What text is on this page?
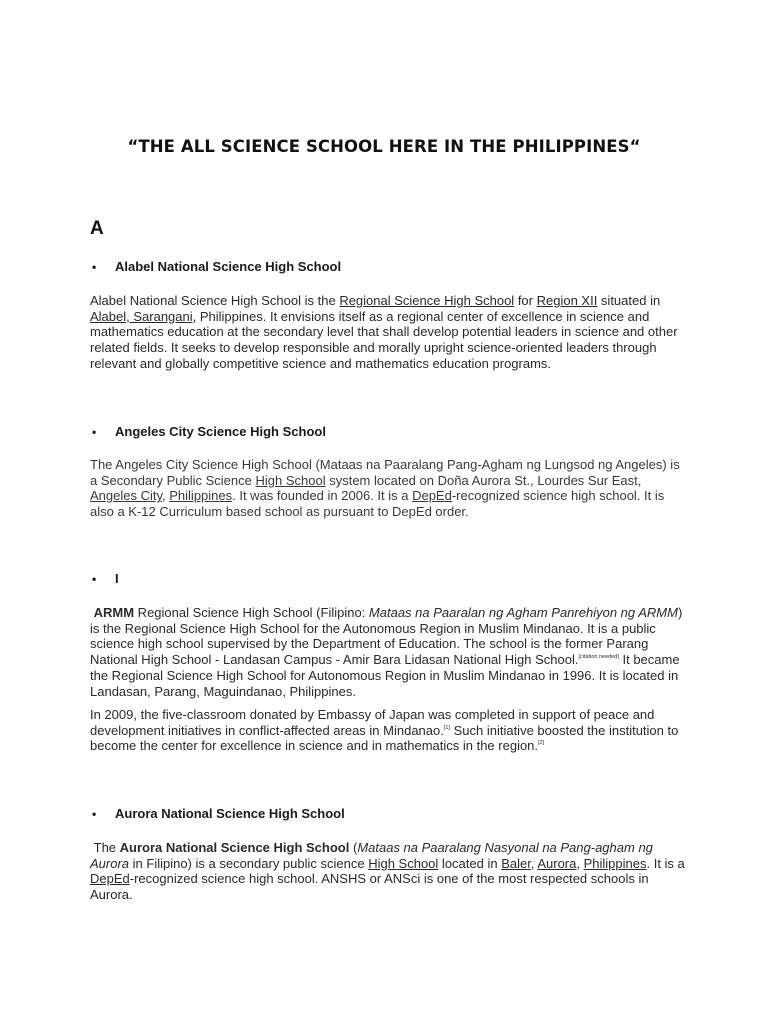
“THE ALL SCIENCE SCHOOL HERE IN THE PHILIPPINES“
A
• Alabel National Science High School
Alabel National Science High School is the Regional Science High School for Region XII situated in Alabel, Sarangani, Philippines. It envisions itself as a regional center of excellence in science and mathematics education at the secondary level that shall develop potential leaders in science and other related fields. It seeks to develop responsible and morally upright science-oriented leaders through relevant and globally competitive science and mathematics education programs.
• Angeles City Science High School
The Angeles City Science High School (Mataas na Paaralang Pang-Agham ng Lungsod ng Angeles) is a Secondary Public Science High School system located on Doña Aurora St., Lourdes Sur East, Angeles City, Philippines. It was founded in 2006. It is a DepEd-recognized science high school. It is also a K-12 Curriculum based school as pursuant to DepEd order.
• I
ARMM Regional Science High School (Filipino: Mataas na Paaralan ng Agham Panrehiyon ng ARMM) is the Regional Science High School for the Autonomous Region in Muslim Mindanao. It is a public science high school supervised by the Department of Education. The school is the former Parang National High School - Landasan Campus - Amir Bara Lidasan National High School.[citation needed] It became the Regional Science High School for Autonomous Region in Muslim Mindanao in 1996. It is located in Landasan, Parang, Maguindanao, Philippines.
In 2009, the five-classroom donated by Embassy of Japan was completed in support of peace and development initiatives in conflict-affected areas in Mindanao.[1] Such initiative boosted the institution to become the center for excellence in science and in mathematics in the region.[2]
• Aurora National Science High School
The Aurora National Science High School (Mataas na Paaralang Nasyonal na Pang-agham ng Aurora in Filipino) is a secondary public science High School located in Baler, Aurora, Philippines. It is a DepEd-recognized science high school. ANSHS or ANSci is one of the most respected schools in Aurora.
